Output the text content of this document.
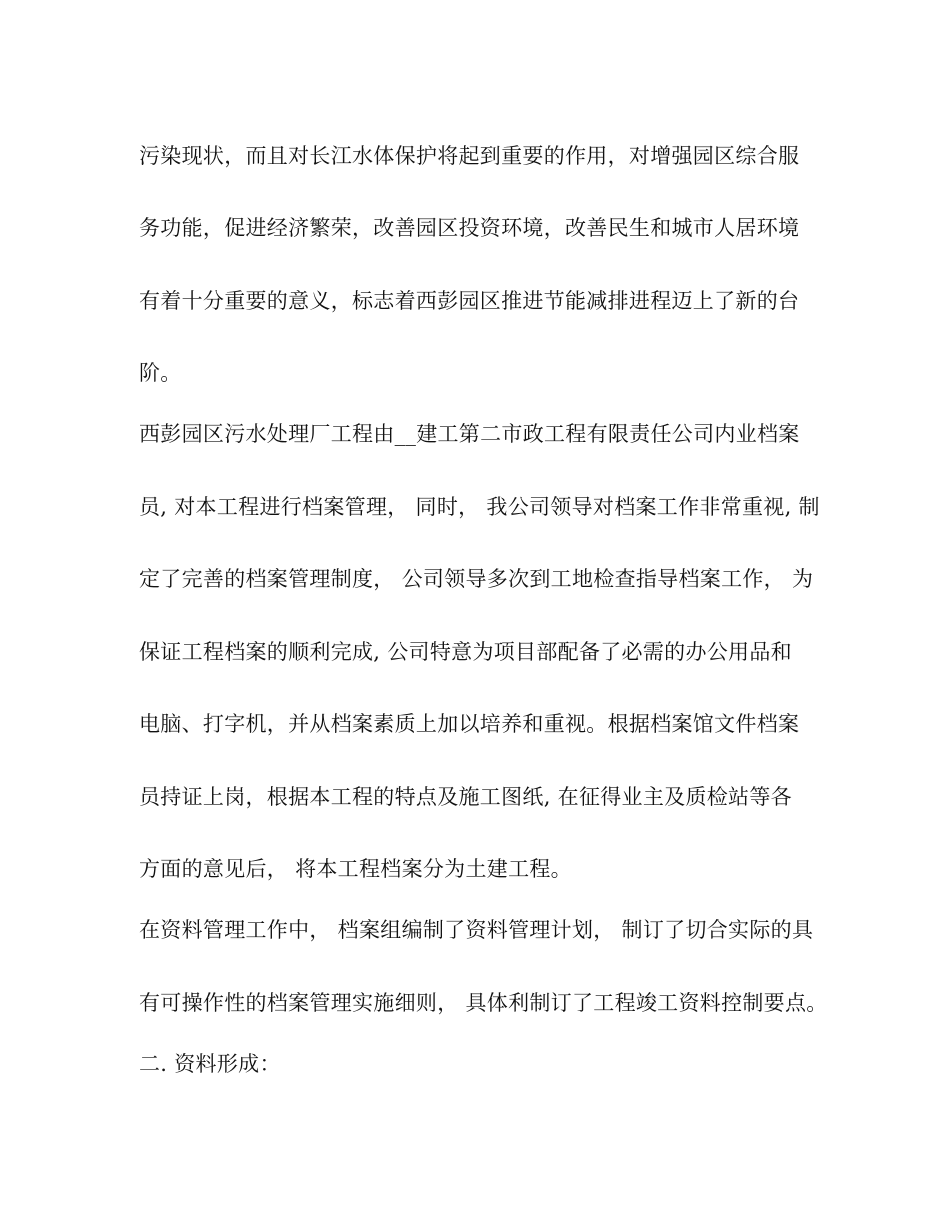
污染现状，而且对长江水体保护将起到重要的作用，对增强园区综合服
务功能，促进经济繁荣，改善园区投资环境，改善民生和城市人居环境
有着十分重要的意义，标志着西彭园区推进节能减排进程迈上了新的台
阶。
西彭园区污水处理厂工程由__建工第二市政工程有限责任公司内业档案
员, 对本工程进行档案管理， 同时， 我公司领导对档案工作非常重视, 制
定了完善的档案管理制度， 公司领导多次到工地检查指导档案工作， 为
保证工程档案的顺利完成, 公司特意为项目部配备了必需的办公用品和
电脑、打字机，并从档案素质上加以培养和重视。根据档案馆文件档案
员持证上岗，根据本工程的特点及施工图纸, 在征得业主及质检站等各
方面的意见后， 将本工程档案分为土建工程。
在资料管理工作中， 档案组编制了资料管理计划， 制订了切合实际的具
有可操作性的档案管理实施细则， 具体利制订了工程竣工资料控制要点。
二. 资料形成：
